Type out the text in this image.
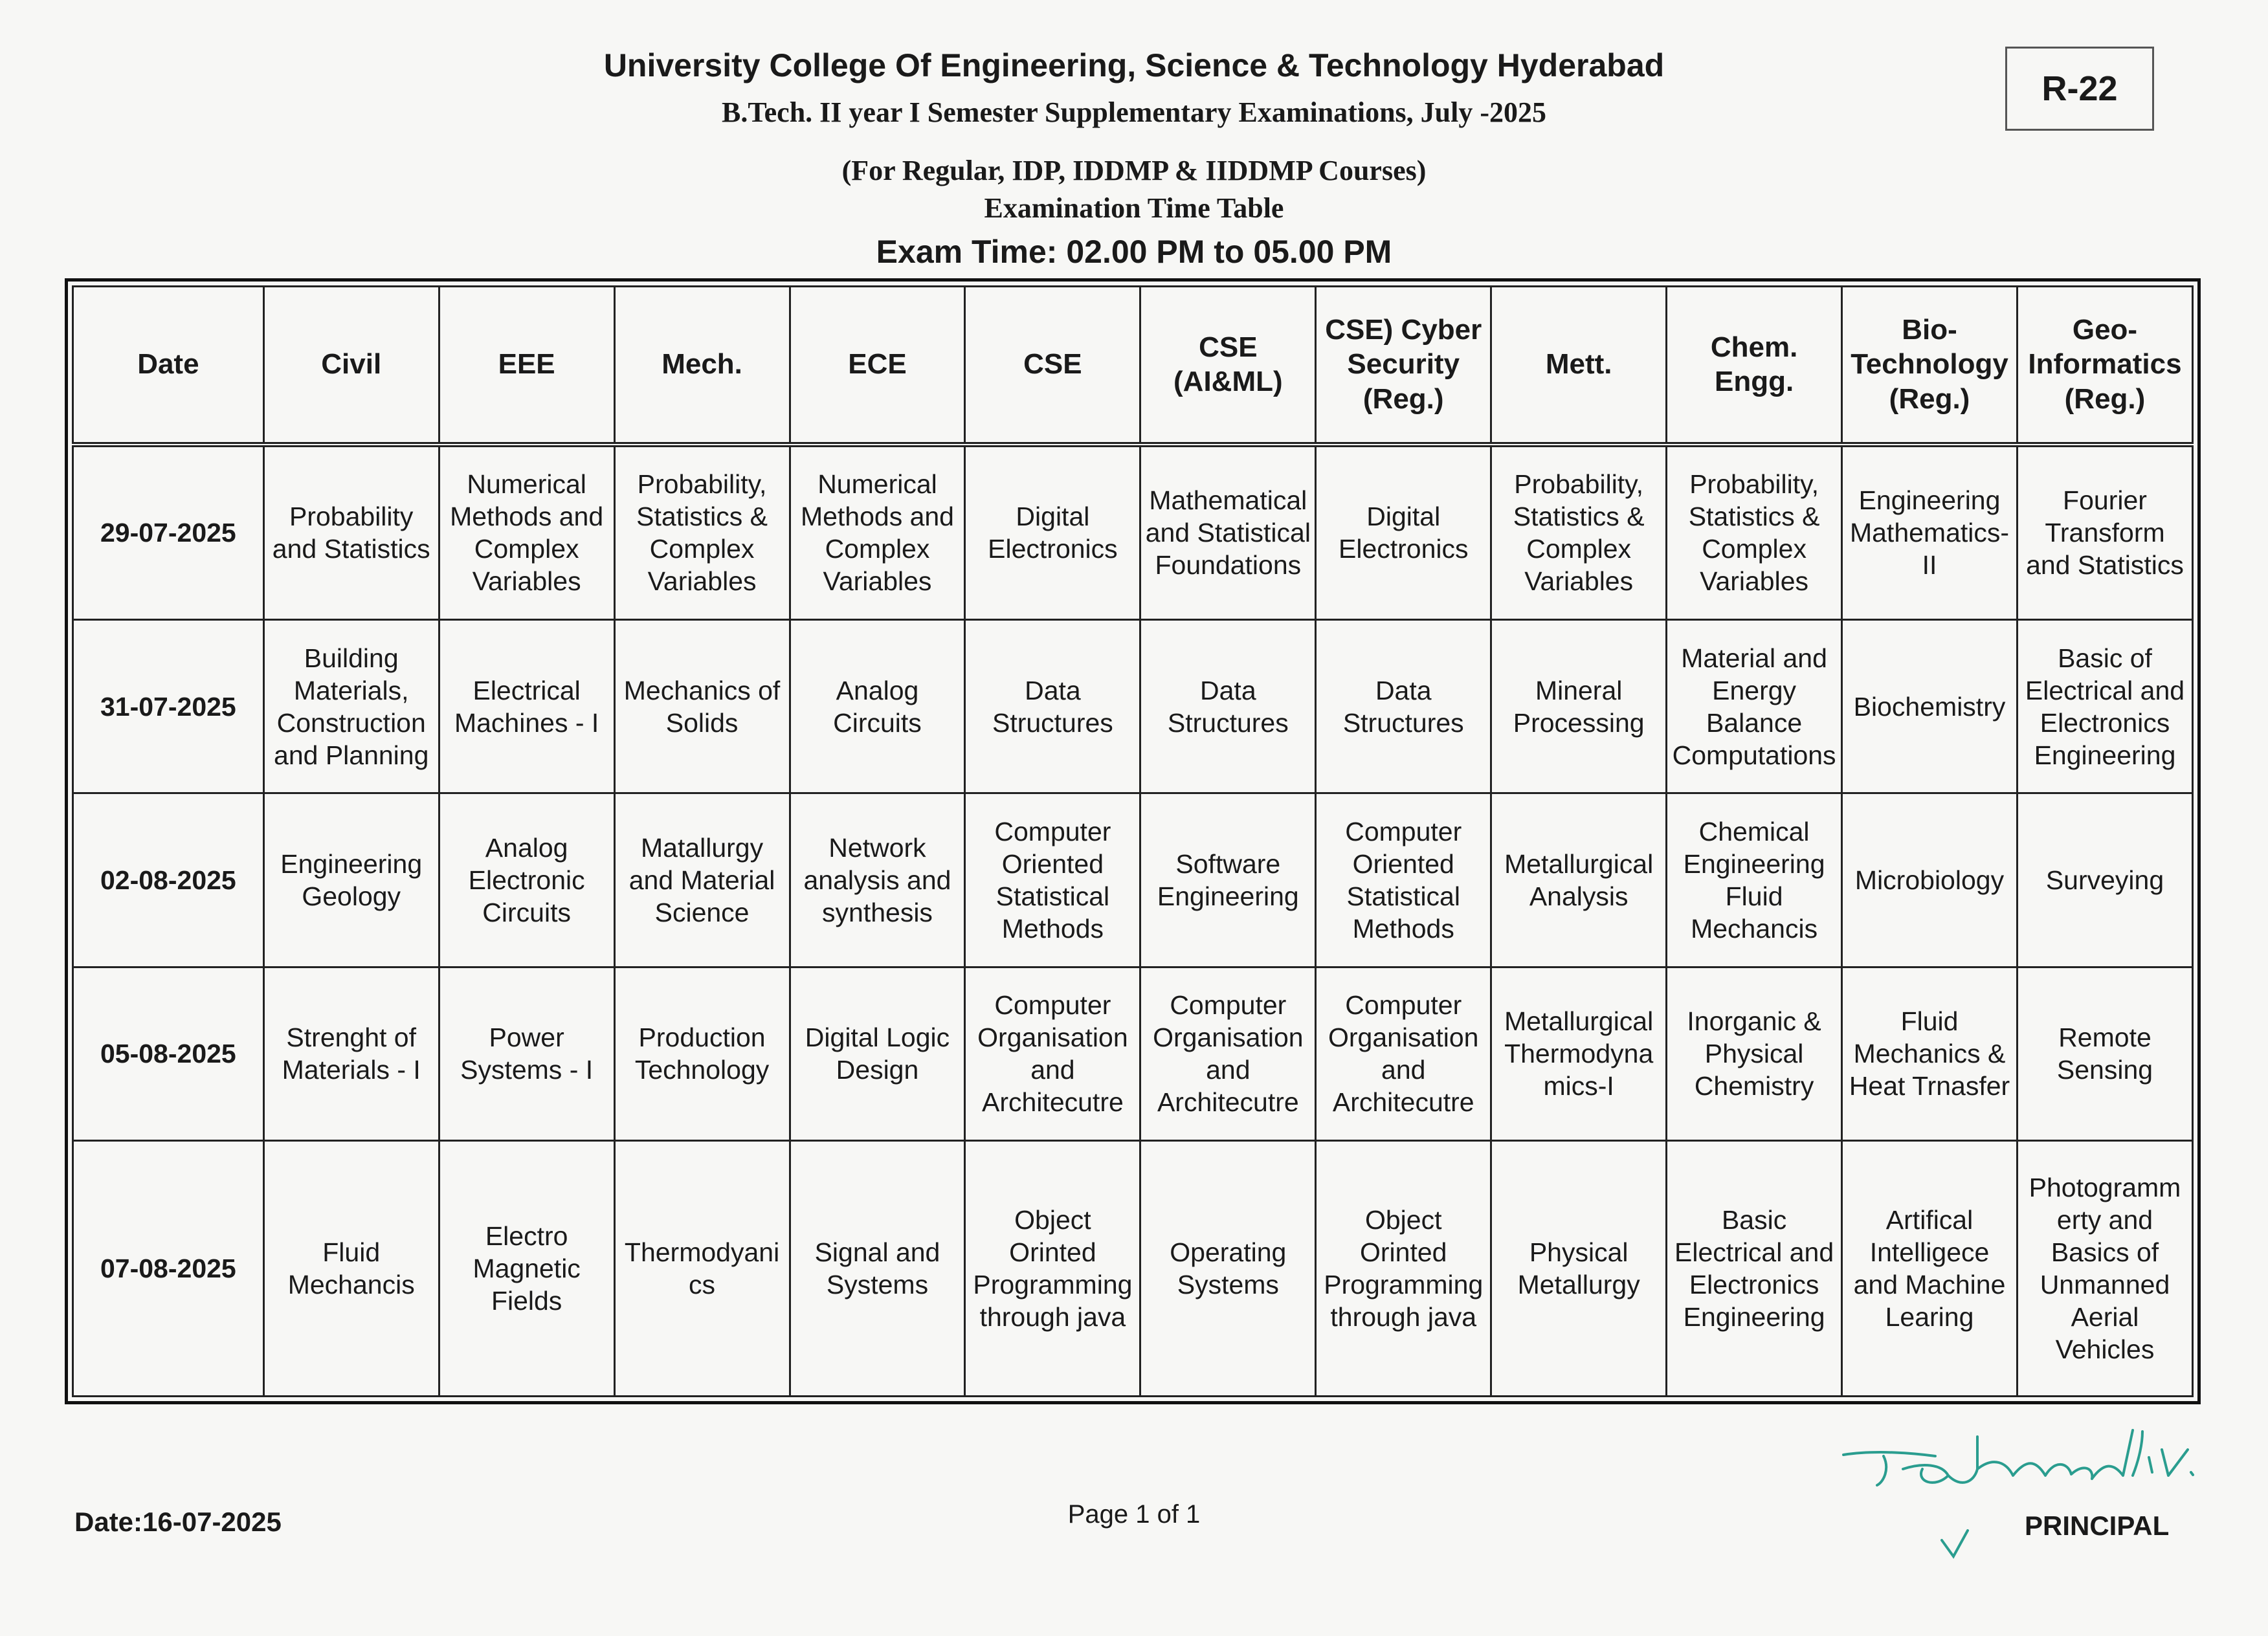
University College Of Engineering, Science & Technology Hyderabad
B.Tech. II year I Semester Supplementary Examinations, July -2025
(For Regular, IDP, IDDMP & IIDDMP Courses)
Examination Time Table
Exam Time: 02.00 PM to 05.00 PM
R-22
Date	Civil	EEE	Mech.	ECE	CSE	CSE (AI&ML)	CSE) Cyber Security (Reg.)	Mett.	Chem. Engg.	Bio-Technology (Reg.)	Geo-Informatics (Reg.)
29-07-2025	Probability and Statistics	Numerical Methods and Complex Variables	Probability, Statistics & Complex Variables	Numerical Methods and Complex Variables	Digital Electronics	Mathematical and Statistical Foundations	Digital Electronics	Probability, Statistics & Complex Variables	Probability, Statistics & Complex Variables	Engineering Mathematics-II	Fourier Transform and Statistics
31-07-2025	Building Materials, Construction and Planning	Electrical Machines - I	Mechanics of Solids	Analog Circuits	Data Structures	Data Structures	Data Structures	Mineral Processing	Material and Energy Balance Computations	Biochemistry	Basic of Electrical and Electronics Engineering
02-08-2025	Engineering Geology	Analog Electronic Circuits	Matallurgy and Material Science	Network analysis and synthesis	Computer Oriented Statistical Methods	Software Engineering	Computer Oriented Statistical Methods	Metallurgical Analysis	Chemical Engineering Fluid Mechancis	Microbiology	Surveying
05-08-2025	Strenght of Materials - I	Power Systems - I	Production Technology	Digital Logic Design	Computer Organisation and Architecutre	Computer Organisation and Architecutre	Computer Organisation and Architecutre	Metallurgical Thermodyna mics-I	Inorganic & Physical Chemistry	Fluid Mechanics & Heat Trnasfer	Remote Sensing
07-08-2025	Fluid Mechancis	Electro Magnetic Fields	Thermodyani cs	Signal and Systems	Object Orinted Programming through java	Operating Systems	Object Orinted Programming through java	Physical Metallurgy	Basic Electrical and Electronics Engineering	Artifical Intelligece and Machine Learing	Photogramm erty and Basics of Unmanned Aerial Vehicles
Date:16-07-2025	Page 1 of 1	PRINCIPAL
